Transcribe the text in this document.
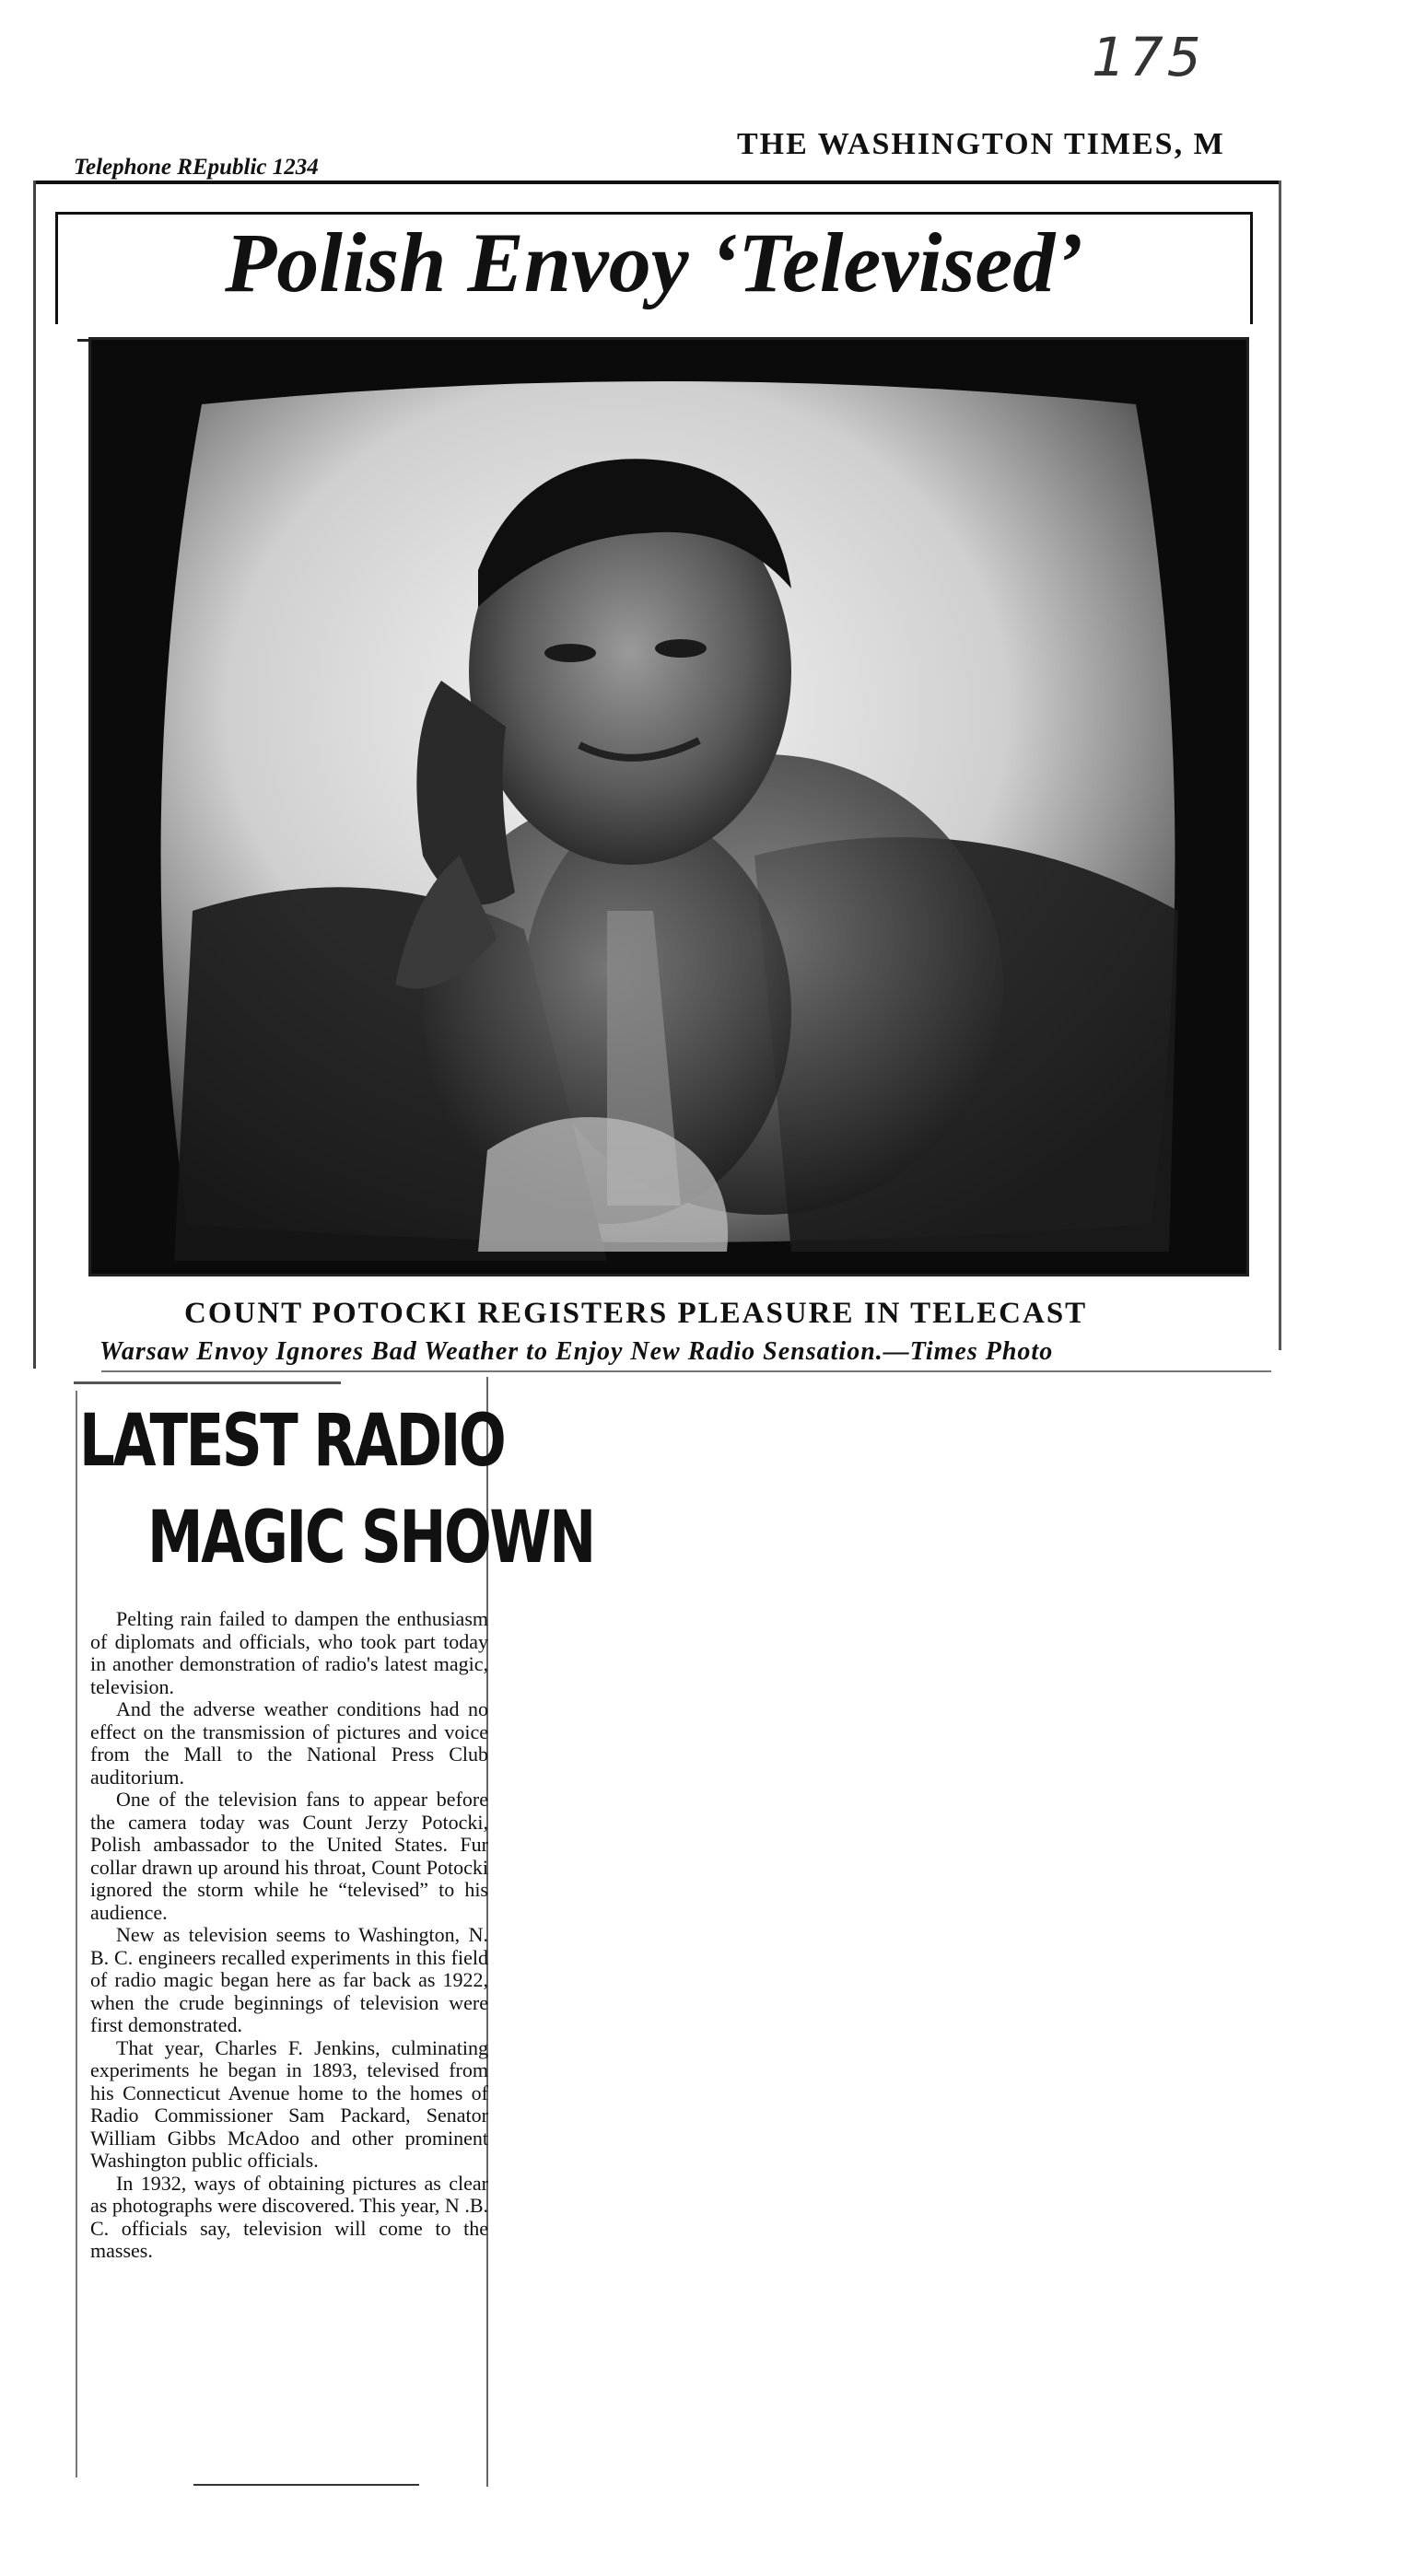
175
Telephone REpublic 1234
THE WASHINGTON TIMES, M
Polish Envoy ‘Televised’
COUNT POTOCKI REGISTERS PLEASURE IN TELECAST
Warsaw Envoy Ignores Bad Weather to Enjoy New Radio Sensation.—Times Photo
LATEST RADIO
MAGIC SHOWN

Pelting rain failed to dampen the enthusiasm of diplomats and officials, who took part today in another demonstration of radio's latest magic, television.

And the adverse weather conditions had no effect on the transmission of pictures and voice from the Mall to the National Press Club auditorium.

One of the television fans to appear before the camera today was Count Jerzy Potocki, Polish ambassador to the United States. Fur collar drawn up around his throat, Count Potocki ignored the storm while he “televised” to his audience.

New as television seems to Washington, N. B. C. engineers recalled experiments in this field of radio magic began here as far back as 1922, when the crude beginnings of television were first demonstrated.

That year, Charles F. Jenkins, culminating experiments he began in 1893, televised from his Connecticut Avenue home to the homes of Radio Commissioner Sam Packard, Senator William Gibbs McAdoo and other prominent Washington public officials.

In 1932, ways of obtaining pictures as clear as photographs were discovered. This year, N .B. C. officials say, television will come to the masses.
